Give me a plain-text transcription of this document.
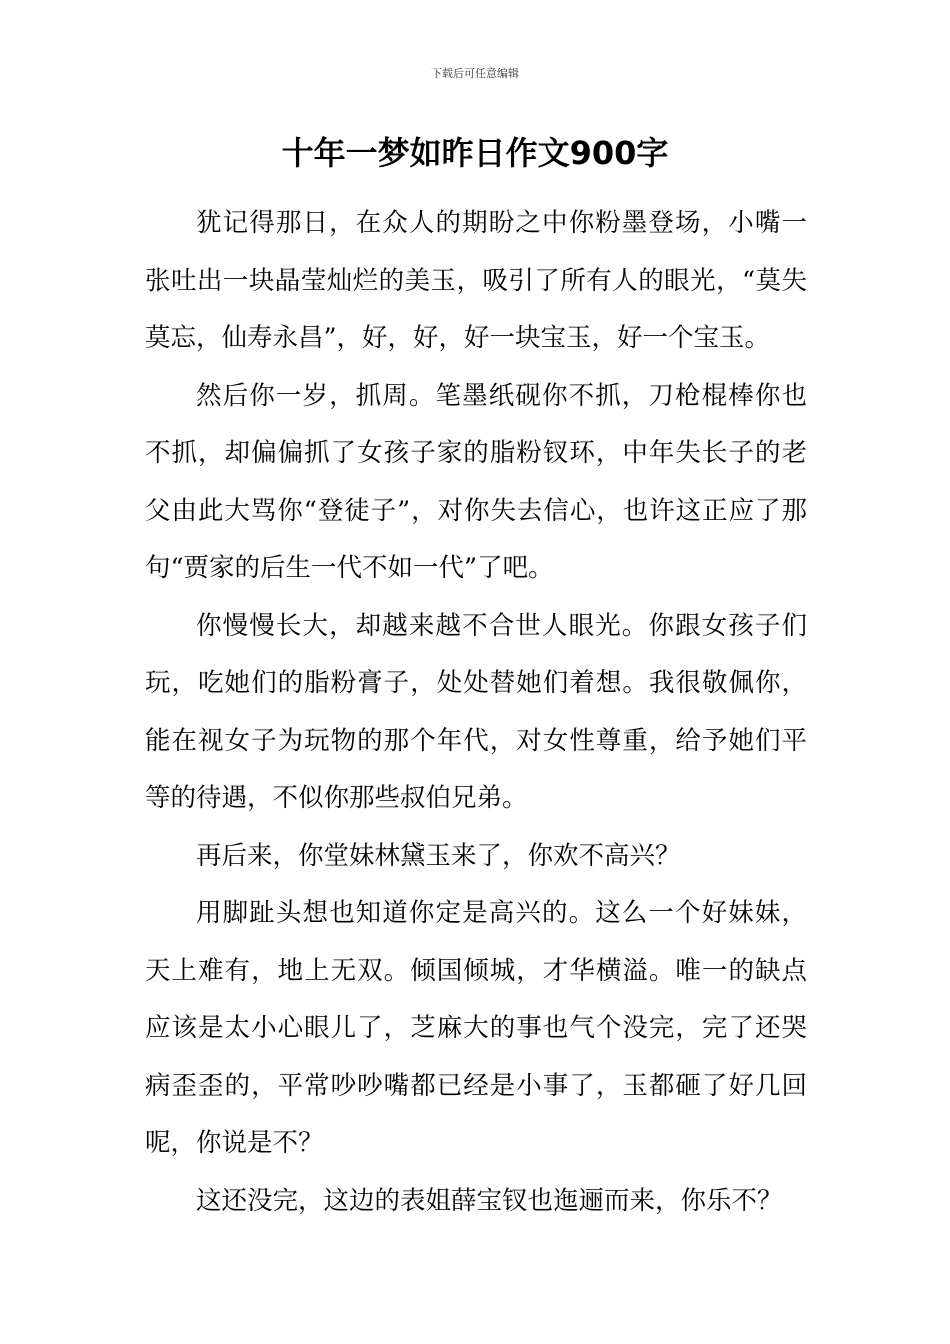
下载后可任意编辑
十年一梦如昨日作文900字

犹记得那日，在众人的期盼之中你粉墨登场，小嘴一张吐出一块晶莹灿烂的美玉，吸引了所有人的眼光，“莫失莫忘，仙寿永昌”，好，好，好一块宝玉，好一个宝玉。

然后你一岁，抓周。笔墨纸砚你不抓，刀枪棍棒你也不抓，却偏偏抓了女孩子家的脂粉钗环，中年失长子的老父由此大骂你“登徒子”，对你失去信心，也许这正应了那句“贾家的后生一代不如一代”了吧。

你慢慢长大，却越来越不合世人眼光。你跟女孩子们玩，吃她们的脂粉膏子，处处替她们着想。我很敬佩你，能在视女子为玩物的那个年代，对女性尊重，给予她们平等的待遇，不似你那些叔伯兄弟。

再后来，你堂妹林黛玉来了，你欢不高兴？

用脚趾头想也知道你定是高兴的。这么一个好妹妹，天上难有，地上无双。倾国倾城，才华横溢。唯一的缺点应该是太小心眼儿了，芝麻大的事也气个没完，完了还哭病歪歪的，平常吵吵嘴都已经是小事了，玉都砸了好几回呢，你说是不？

这还没完，这边的表姐薛宝钗也迤逦而来，你乐不？
